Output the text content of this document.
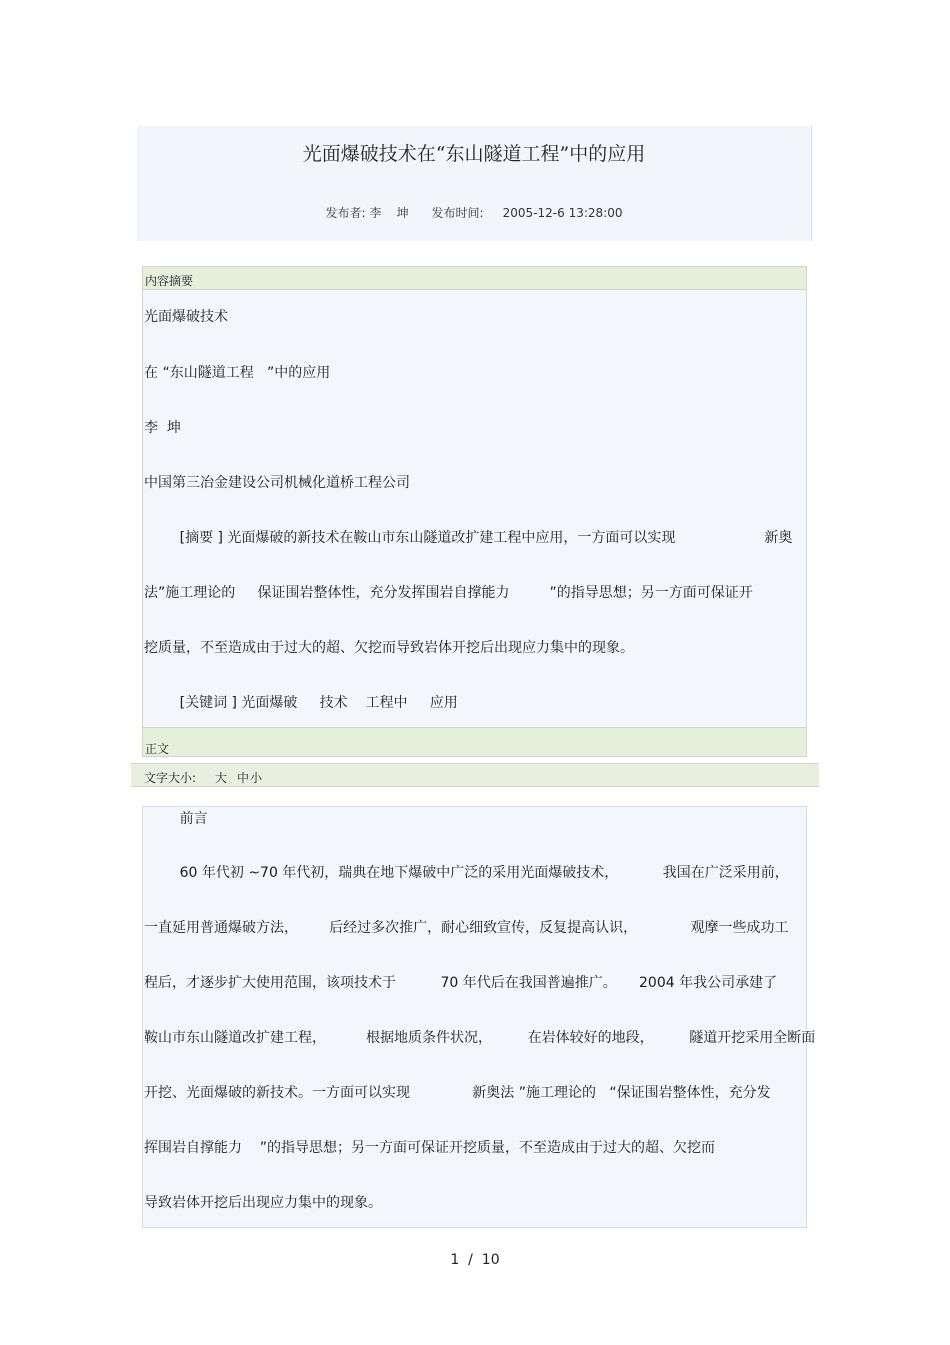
光面爆破技术在“东山隧道工程”中的应用
发布者: 李    坤      发布时间:     2005-12-6 13:28:00
内容摘要
光面爆破技术
在 “东山隧道工程   ”中的应用
李  坤
中国第三冶金建设公司机械化道桥工程公司
[摘要 ] 光面爆破的新技术在鞍山市东山隧道改扩建工程中应用，一方面可以实现                    新奥
法”施工理论的     保证围岩整体性，充分发挥围岩自撑能力         ”的指导思想；另一方面可保证开
挖质量，不至造成由于过大的超、欠挖而导致岩体开挖后出现应力集中的现象。
[关键词 ] 光面爆破     技术    工程中     应用
正文
文字大小: 大 中 小
前言
60 年代初 ~70 年代初，瑞典在地下爆破中广泛的采用光面爆破技术，          我国在广泛采用前，
一直延用普通爆破方法，       后经过多次推广，耐心细致宣传，反复提高认识，            观摩一些成功工
程后，才逐步扩大使用范围，该项技术于          70 年代后在我国普遍推广。     2004 年我公司承建了
鞍山市东山隧道改扩建工程，         根据地质条件状况，        在岩体较好的地段，        隧道开挖采用全断面
开挖、光面爆破的新技术。一方面可以实现              新奥法 ”施工理论的   “保证围岩整体性，充分发
挥围岩自撑能力    ”的指导思想；另一方面可保证开挖质量，不至造成由于过大的超、欠挖而
导致岩体开挖后出现应力集中的现象。
1  /  10
